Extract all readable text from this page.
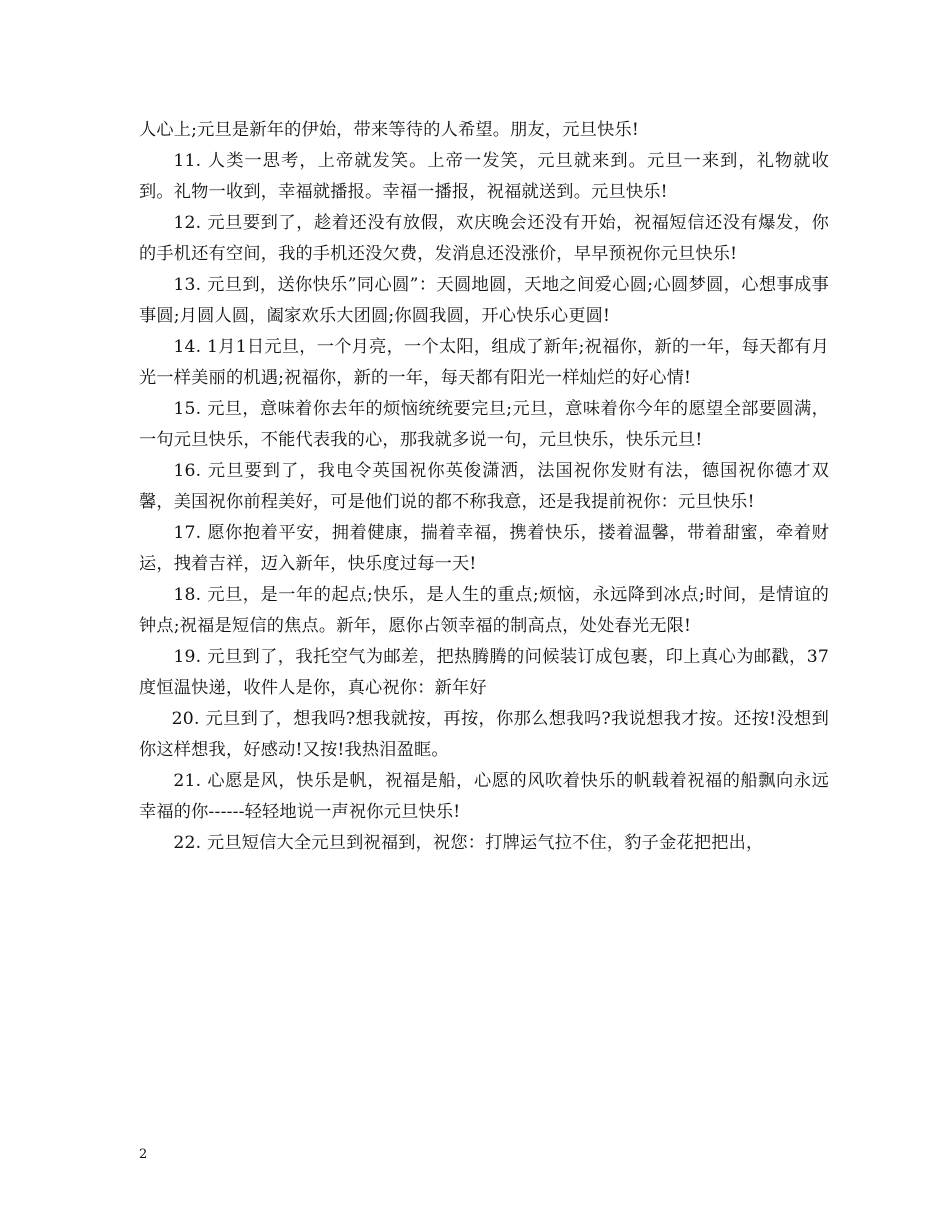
人心上;元旦是新年的伊始，带来等待的人希望。朋友，元旦快乐!

11. 人类一思考，上帝就发笑。上帝一发笑，元旦就来到。元旦一来到，礼物就收到。礼物一收到，幸福就播报。幸福一播报，祝福就送到。元旦快乐!

12. 元旦要到了，趁着还没有放假，欢庆晚会还没有开始，祝福短信还没有爆发，你的手机还有空间，我的手机还没欠费，发消息还没涨价，早早预祝你元旦快乐!

13. 元旦到，送你快乐”同心圆”：天圆地圆，天地之间爱心圆;心圆梦圆，心想事成事事圆;月圆人圆，阖家欢乐大团圆;你圆我圆，开心快乐心更圆!

14. 1月1日元旦，一个月亮，一个太阳，组成了新年;祝福你，新的一年，每天都有月光一样美丽的机遇;祝福你，新的一年，每天都有阳光一样灿烂的好心情!

15. 元旦，意味着你去年的烦恼统统要完旦;元旦，意味着你今年的愿望全部要圆满，一句元旦快乐，不能代表我的心，那我就多说一句，元旦快乐，快乐元旦!

16. 元旦要到了，我电令英国祝你英俊潇洒，法国祝你发财有法，德国祝你德才双馨，美国祝你前程美好，可是他们说的都不称我意，还是我提前祝你：元旦快乐!

17. 愿你抱着平安，拥着健康，揣着幸福，携着快乐，搂着温馨，带着甜蜜，牵着财运，拽着吉祥，迈入新年，快乐度过每一天!

18. 元旦，是一年的起点;快乐，是人生的重点;烦恼，永远降到冰点;时间，是情谊的钟点;祝福是短信的焦点。新年，愿你占领幸福的制高点，处处春光无限!

19. 元旦到了，我托空气为邮差，把热腾腾的问候装订成包裹，印上真心为邮戳，37度恒温快递，收件人是你，真心祝你：新年好

20. 元旦到了，想我吗?想我就按，再按，你那么想我吗?我说想我才按。还按!没想到你这样想我，好感动!又按!我热泪盈眶。

21. 心愿是风，快乐是帆，祝福是船，心愿的风吹着快乐的帆载着祝福的船飘向永远幸福的你------轻轻地说一声祝你元旦快乐!

22. 元旦短信大全元旦到祝福到，祝您：打牌运气拉不住，豹子金花把把出，

2
